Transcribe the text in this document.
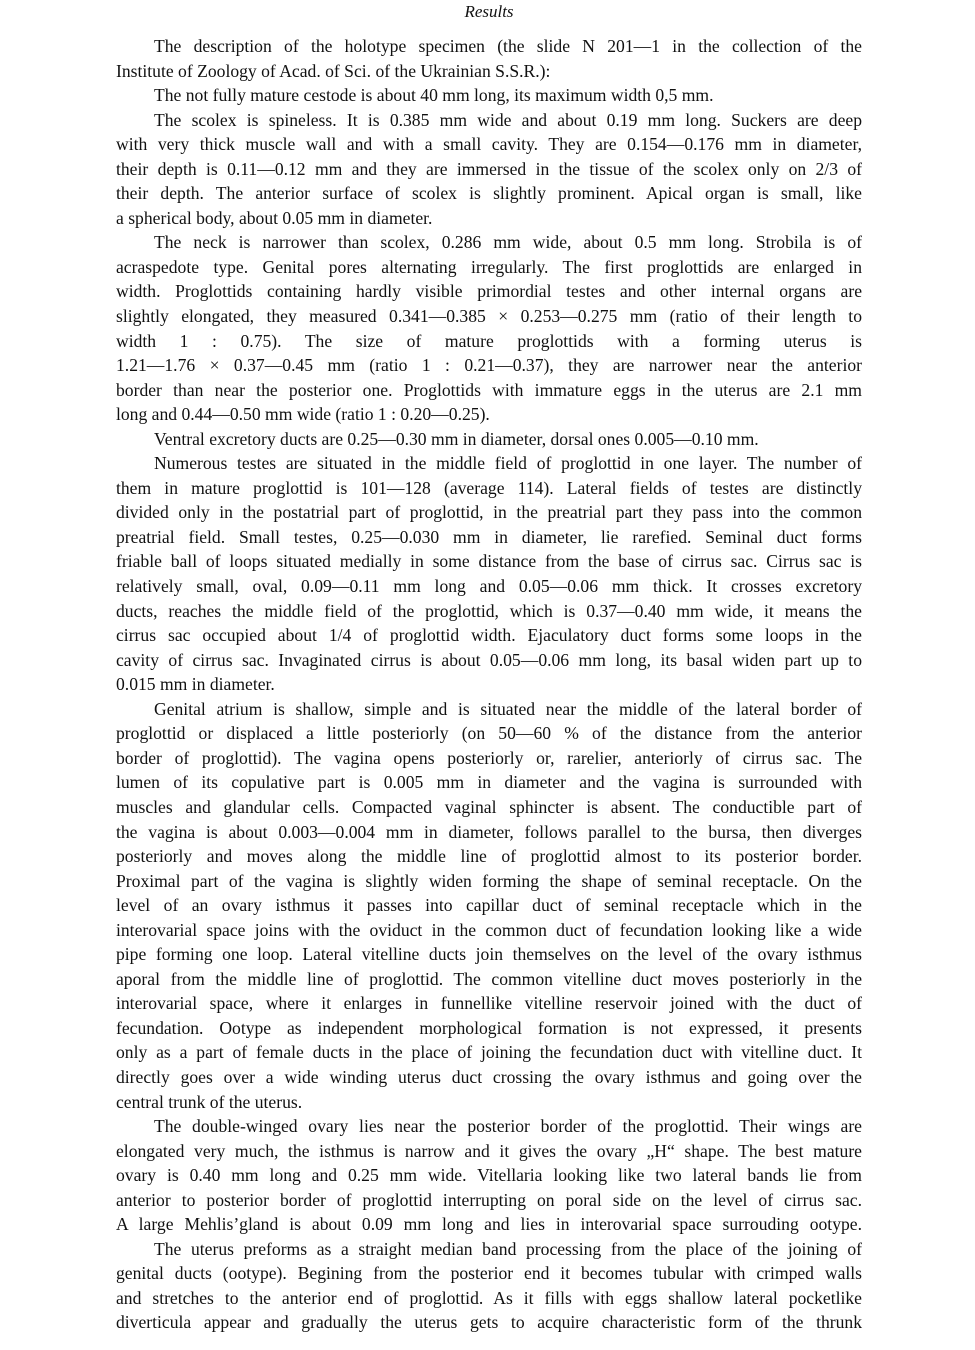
Results
The description of the holotype specimen (the slide N 201—1 in the collection of the
Institute of Zoology of Acad. of Sci. of the Ukrainian S.S.R.):
The not fully mature cestode is about 40 mm long, its maximum width 0,5 mm.
The scolex is spineless. It is 0.385 mm wide and about 0.19 mm long. Suckers are deep
with very thick muscle wall and with a small cavity. They are 0.154—0.176 mm in diameter,
their depth is 0.11—0.12 mm and they are immersed in the tissue of the scolex only on 2/3 of
their depth. The anterior surface of scolex is slightly prominent. Apical organ is small, like
a spherical body, about 0.05 mm in diameter.
The neck is narrower than scolex, 0.286 mm wide, about 0.5 mm long. Strobila is of
acraspedote type. Genital pores alternating irregularly. The first proglottids are enlarged in
width. Proglottids containing hardly visible primordial testes and other internal organs are
slightly elongated, they measured 0.341—0.385 × 0.253—0.275 mm (ratio of their length to
width 1 : 0.75). The size of mature proglottids with a forming uterus is
1.21—1.76 × 0.37—0.45 mm (ratio 1 : 0.21—0.37), they are narrower near the anterior
border than near the posterior one. Proglottids with immature eggs in the uterus are 2.1 mm
long and 0.44—0.50 mm wide (ratio 1 : 0.20—0.25).
Ventral excretory ducts are 0.25—0.30 mm in diameter, dorsal ones 0.005—0.10 mm.
Numerous testes are situated in the middle field of proglottid in one layer. The number of
them in mature proglottid is 101—128 (average 114). Lateral fields of testes are distinctly
divided only in the postatrial part of proglottid, in the preatrial part they pass into the common
preatrial field. Small testes, 0.25—0.030 mm in diameter, lie rarefied. Seminal duct forms
friable ball of loops situated medially in some distance from the base of cirrus sac. Cirrus sac is
relatively small, oval, 0.09—0.11 mm long and 0.05—0.06 mm thick. It crosses excretory
ducts, reaches the middle field of the proglottid, which is 0.37—0.40 mm wide, it means the
cirrus sac occupied about 1/4 of proglottid width. Ejaculatory duct forms some loops in the
cavity of cirrus sac. Invaginated cirrus is about 0.05—0.06 mm long, its basal widen part up to
0.015 mm in diameter.
Genital atrium is shallow, simple and is situated near the middle of the lateral border of
proglottid or displaced a little posteriorly (on 50—60 % of the distance from the anterior
border of proglottid). The vagina opens posteriorly or, rarelier, anteriorly of cirrus sac. The
lumen of its copulative part is 0.005 mm in diameter and the vagina is surrounded with
muscles and glandular cells. Compacted vaginal sphincter is absent. The conductible part of
the vagina is about 0.003—0.004 mm in diameter, follows parallel to the bursa, then diverges
posteriorly and moves along the middle line of proglottid almost to its posterior border.
Proximal part of the vagina is slightly widen forming the shape of seminal receptacle. On the
level of an ovary isthmus it passes into capillar duct of seminal receptacle which in the
interovarial space joins with the oviduct in the common duct of fecundation looking like a wide
pipe forming one loop. Lateral vitelline ducts join themselves on the level of the ovary isthmus
aporal from the middle line of proglottid. The common vitelline duct moves posteriorly in the
interovarial space, where it enlarges in funnellike vitelline reservoir joined with the duct of
fecundation. Ootype as independent morphological formation is not expressed, it presents
only as a part of female ducts in the place of joining the fecundation duct with vitelline duct. It
directly goes over a wide winding uterus duct crossing the ovary isthmus and going over the
central trunk of the uterus.
The double-winged ovary lies near the posterior border of the proglottid. Their wings are
elongated very much, the isthmus is narrow and it gives the ovary „H“ shape. The best mature
ovary is 0.40 mm long and 0.25 mm wide. Vitellaria looking like two lateral bands lie from
anterior to posterior border of proglottid interrupting on poral side on the level of cirrus sac.
A large Mehlis’gland is about 0.09 mm long and lies in interovarial space surrouding ootype.
The uterus preforms as a straight median band processing from the place of the joining of
genital ducts (ootype). Begining from the posterior end it becomes tubular with crimped walls
and stretches to the anterior end of proglottid. As it fills with eggs shallow lateral pocketlike
diverticula appear and gradually the uterus gets to acquire characteristic form of the thrunk
